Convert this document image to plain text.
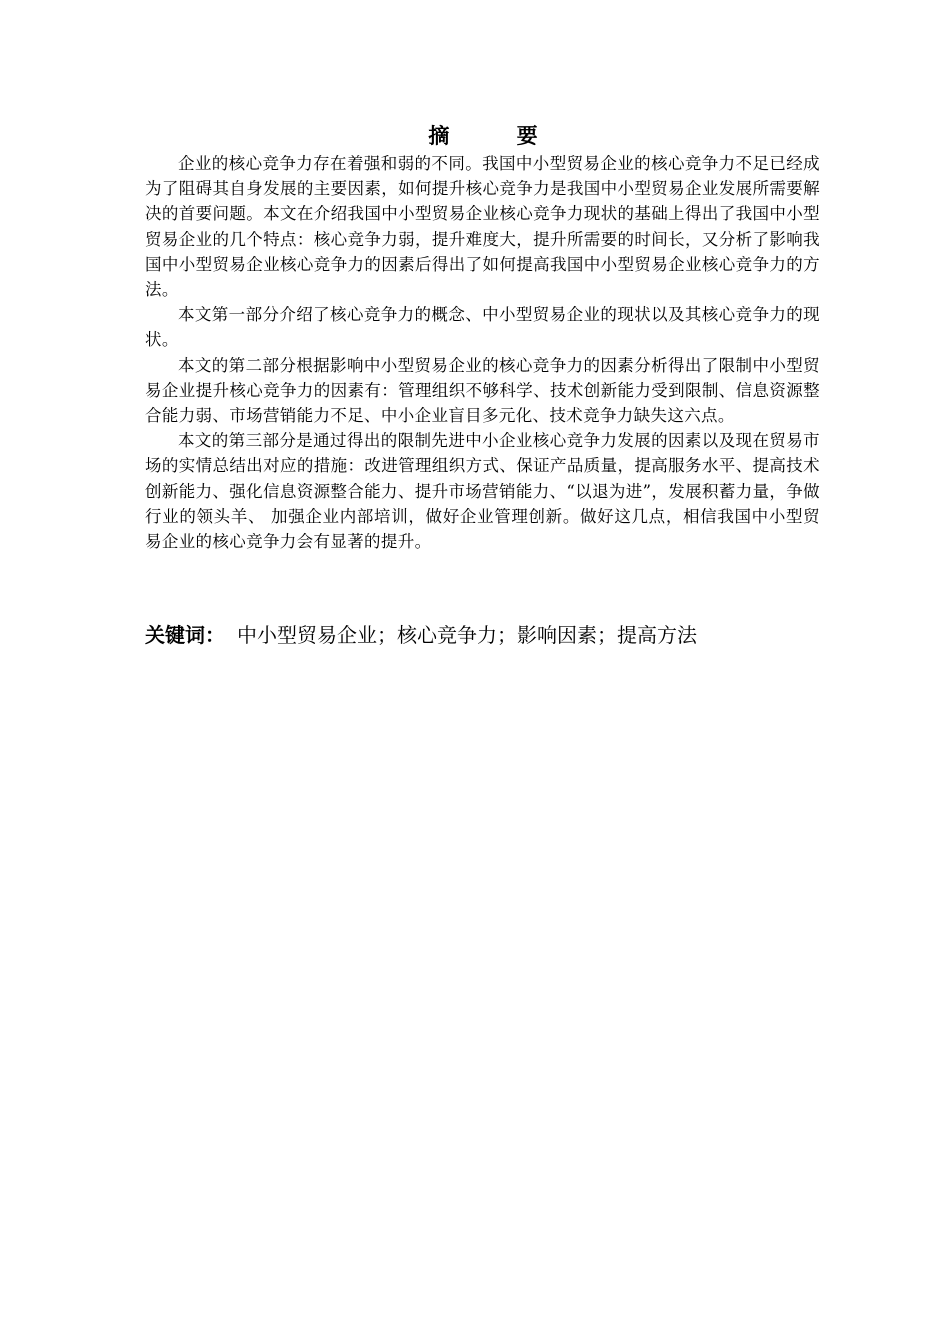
摘 要

企业的核心竞争力存在着强和弱的不同。我国中小型贸易企业的核心竞争力不足已经成为了阻碍其自身发展的主要因素，如何提升核心竞争力是我国中小型贸易企业发展所需要解决的首要问题。本文在介绍我国中小型贸易企业核心竞争力现状的基础上得出了我国中小型贸易企业的几个特点：核心竞争力弱，提升难度大，提升所需要的时间长，又分析了影响我国中小型贸易企业核心竞争力的因素后得出了如何提高我国中小型贸易企业核心竞争力的方法。

本文第一部分介绍了核心竞争力的概念、中小型贸易企业的现状以及其核心竞争力的现状。

本文的第二部分根据影响中小型贸易企业的核心竞争力的因素分析得出了限制中小型贸易企业提升核心竞争力的因素有：管理组织不够科学、技术创新能力受到限制、信息资源整合能力弱、市场营销能力不足、中小企业盲目多元化、技术竞争力缺失这六点。

本文的第三部分是通过得出的限制先进中小企业核心竞争力发展的因素以及现在贸易市场的实情总结出对应的措施：改进管理组织方式、保证产品质量，提高服务水平、提高技术创新能力、强化信息资源整合能力、提升市场营销能力、“以退为进”，发展积蓄力量，争做行业的领头羊、 加强企业内部培训，做好企业管理创新。做好这几点，相信我国中小型贸易企业的核心竞争力会有显著的提升。

关键词： 中小型贸易企业；核心竞争力；影响因素；提高方法
